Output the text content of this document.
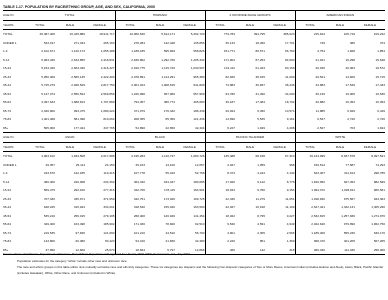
TABLE 1-17. POPULATION BY RACE/ETHNIC GROUP, AGE, AND SEX, CALIFORNIA, 2000
AGE IN	TOTAL			HISPANIC			2 OR MORE RACE GROUPS			AMERICAN INDIAN		
YEARS	TOTAL	MALE	FEMALE	TOTAL	MALE	FEMALE	TOTAL	MALE	FEMALE	TOTAL	MALE	FEMALE
TOTAL	36,387,406	16,445,889	18,911,717	10,966,540	5,614,171	5,292,720	779,784	394,795	385,023	215,644	105,719	109,222
UNDER 1	543,197	271,334	265,163	278,284	142,428	135,856	35,133	18,450	17,701	749	380	374
1-4	2,102,671	1,120,173	1,055,488	1,188,185	595,829	558,826	151,771	86,571	66,760	3,754	1,668	1,854
5-14	5,063,436	2,644,855	2,418,831	2,636,862	1,292,760	1,205,332	171,904	87,254	84,500	21,041	16,298	15,648
15-24	5,153,426	2,663,430	2,416,327	2,016,775	1,115,720	1,030,597	131,112	61,433	60,159	20,045	20,063	19,572
25-34	5,050,309	2,565,135	2,422,403	2,078,891	1,114,291	965,380	82,926	38,015	41,009	29,521	14,606	15,715
35-44	5,745,279	2,928,529	2,817,750	2,001,324	1,008,615	941,809	74,883	36,837	36,446	34,883	17,549	17,433
45-54	5,147,374	2,556,524	2,569,856	1,226,998	657,969	657,969	63,780	31,490	34,290	36,139	16,005	16,536
55-64	3,497,633	1,688,813	1,797,889	794,457	386,774	405,683	36,187	17,484	18,702	20,882	16,453	16,453
65-74	2,046,900	993,475	1,080,224	371,079	176,432	186,349	20,024	9,450	10,574	11,885	6,029	6,449
75-84	1,401,468	581,398	810,064	208,355	85,356	121,336	14,696	5,535	9,161	6,537	2,726	2,726
85+	505,000	177,444	347,765	54,890	22,650	42,404	6,227	1,929	4,298	2,527	703	1,824
AGE IN	ASIAN			BLACK			PACIFIC ISLANDER			WHITE		
YEARS	TOTAL	MALE	FEMALE	TOTAL	MALE	FEMALE	TOTAL	MALE	FEMALE	TOTAL	MALE	FEMALE
TOTAL	4,063,102	1,934,508	2,017,985	2,195,283	1,110,747	1,083,726	135,488	68,158	67,310	16,134,999	8,037,578	8,097,521
UNDER 1	49,357	25,114	24,153	25,163	13,106	12,057	2,027	1,059	968	150,514	77,587	74,293
1-4	243,670	122,185	119,415	107,778	55,010	52,768	8,374	4,244	4,130	623,407	311,613	298,785
5-14	480,400	246,008	234,392	364,432	184,347	180,085	17,920	9,142	8,778	1,810,052	927,453	882,599
15-24	569,475	292,160	277,315	342,706	178,115	164,591	18,934	9,780	9,154	1,994,372	1,028,811	965,561
25-34	707,330	335,671	371,659	342,751	173,026	169,725	22,330	11,279	11,051	1,918,930	975,567	943,363
35-44	648,225	315,024	333,201	318,540	155,040	163,500	22,027	10,918	11,109	2,627,421	1,322,131	1,305,290
45-54	535,210	256,015	279,195	268,400	126,946	141,454	18,022	8,795	9,227	2,532,815	1,257,839	1,274,976
55-64	349,400	163,498	185,902	171,330	78,820	92,510	9,540	4,591	4,949	2,042,640	979,890	1,062,750
65-74	219,535	97,845	121,690	101,210	44,510	56,700	4,901	2,305	2,596	1,185,400	555,230	630,170
75-84	143,800	60,380	83,420	54,310	21,830	32,480	2,220	851	1,369	968,470	401,205	567,265
85+	37,890	12,820	25,070	18,663	5,797	12,866	460	142	318	369,330	111,330	258,000

Source: State of California, Department of Finance, Race/Ethnic Population with Age and Sex Detail, 2000-2050, Sacramento, CA, July 2007.

Population estimates for the category "white" include other race and unknown race.

The race and ethnic groups in this table utilize nine mutually exclusive race and ethnicity categories. These six categories are Hispanic and the following Non-Hispanic categories of Two or More Races, American Indian (includes Eskimo and Aleut), Asian, Black, Pacific Islander (includes Hawaiian), White, Other Race, and Unknown (included in White).
